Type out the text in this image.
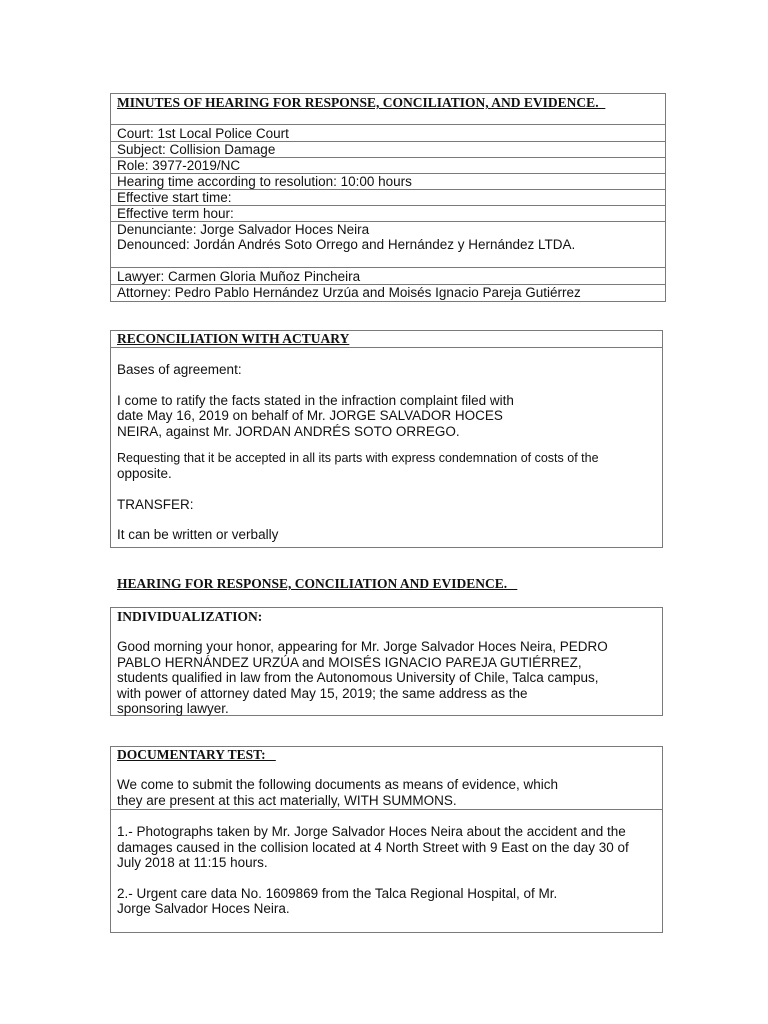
MINUTES OF HEARING FOR RESPONSE, CONCILIATION, AND EVIDENCE.
Court: 1st Local Police Court
Subject: Collision Damage
Role: 3977-2019/NC
Hearing time according to resolution: 10:00 hours
Effective start time:
Effective term hour:

Denunciante: Jorge Salvador Hoces Neira

Denounced: Jordán Andrés Soto Orrego and Hernández y Hernández LTDA.

Lawyer: Carmen Gloria Muñoz Pincheira
Attorney: Pedro Pablo Hernández Urzúa and Moisés Ignacio Pareja Gutiérrez
RECONCILIATION WITH ACTUARY

Bases of agreement:

I come to ratify the facts stated in the infraction complaint filed with

date May 16, 2019 on behalf of Mr. JORGE SALVADOR HOCES

NEIRA, against Mr. JORDAN ANDRÉS SOTO ORREGO.

Requesting that it be accepted in all its parts with express condemnation of costs of the

opposite.

TRANSFER:

It can be written or verbally

HEARING FOR RESPONSE, CONCILIATION AND EVIDENCE.

INDIVIDUALIZATION:

Good morning your honor, appearing for Mr. Jorge Salvador Hoces Neira, PEDRO

PABLO HERNÁNDEZ URZÚA and MOISÉS IGNACIO PAREJA GUTIÉRREZ,

students qualified in law from the Autonomous University of Chile, Talca campus,

with power of attorney dated May 15, 2019; the same address as the

sponsoring lawyer.

DOCUMENTARY TEST:

We come to submit the following documents as means of evidence, which

they are present at this act materially, WITH SUMMONS.

1.- Photographs taken by Mr. Jorge Salvador Hoces Neira about the accident and the

damages caused in the collision located at 4 North Street with 9 East on the day 30 of

July 2018 at 11:15 hours.

2.- Urgent care data No. 1609869 from the Talca Regional Hospital, of Mr.

Jorge Salvador Hoces Neira.
